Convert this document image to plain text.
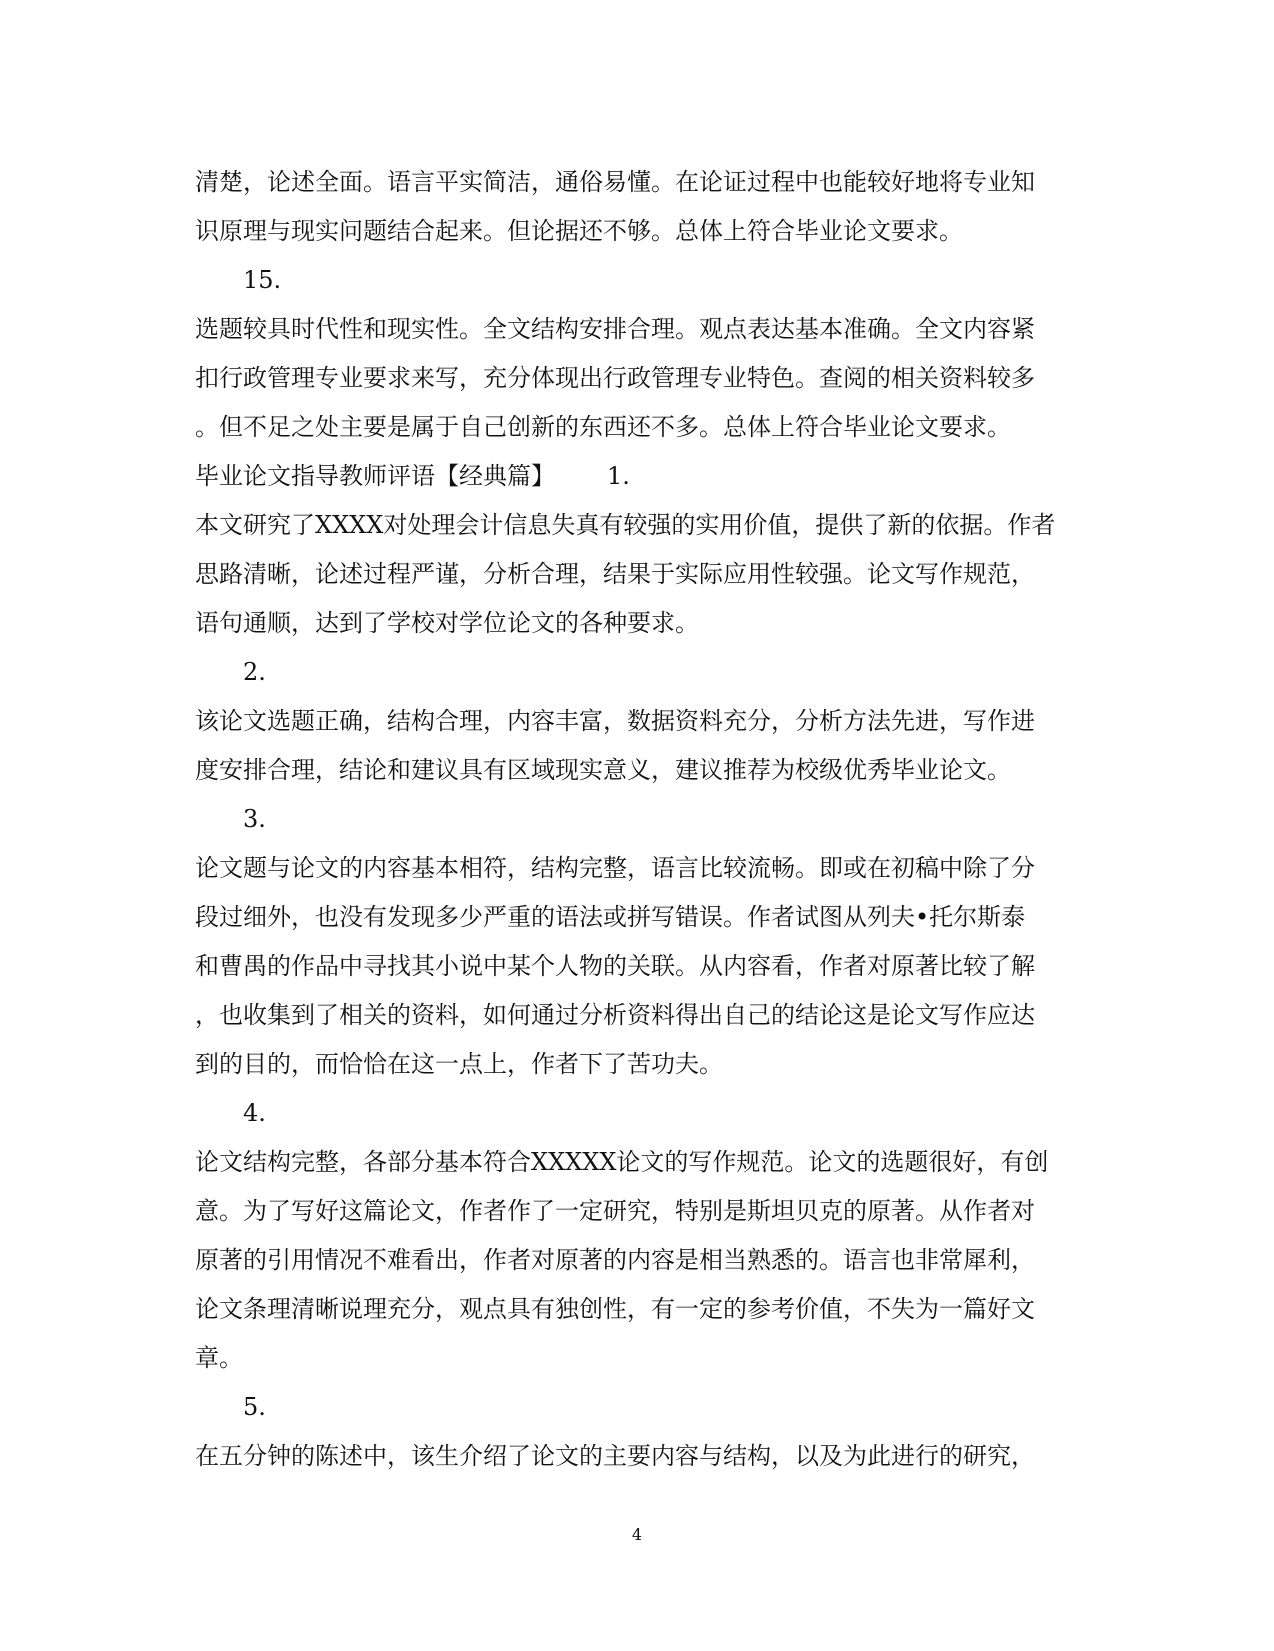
清楚，论述全面。语言平实简洁，通俗易懂。在论证过程中也能较好地将专业知
识原理与现实问题结合起来。但论据还不够。总体上符合毕业论文要求。
15.
选题较具时代性和现实性。全文结构安排合理。观点表达基本准确。全文内容紧
扣行政管理专业要求来写，充分体现出行政管理专业特色。查阅的相关资料较多
。但不足之处主要是属于自己创新的东西还不多。总体上符合毕业论文要求。
毕业论文指导教师评语【经典篇】 1.
本文研究了XXXX对处理会计信息失真有较强的实用价值，提供了新的依据。作者
思路清晰，论述过程严谨，分析合理，结果于实际应用性较强。论文写作规范，
语句通顺，达到了学校对学位论文的各种要求。
2.
该论文选题正确，结构合理，内容丰富，数据资料充分，分析方法先进，写作进
度安排合理，结论和建议具有区域现实意义，建议推荐为校级优秀毕业论文。
3.
论文题与论文的内容基本相符，结构完整，语言比较流畅。即或在初稿中除了分
段过细外，也没有发现多少严重的语法或拼写错误。作者试图从列夫•托尔斯泰
和曹禺的作品中寻找其小说中某个人物的关联。从内容看，作者对原著比较了解
，也收集到了相关的资料，如何通过分析资料得出自己的结论这是论文写作应达
到的目的，而恰恰在这一点上，作者下了苦功夫。
4.
论文结构完整，各部分基本符合XXXXX论文的写作规范。论文的选题很好，有创
意。为了写好这篇论文，作者作了一定研究，特别是斯坦贝克的原著。从作者对
原著的引用情况不难看出，作者对原著的内容是相当熟悉的。语言也非常犀利，
论文条理清晰说理充分，观点具有独创性，有一定的参考价值，不失为一篇好文
章。
5.
在五分钟的陈述中，该生介绍了论文的主要内容与结构，以及为此进行的研究，
4
